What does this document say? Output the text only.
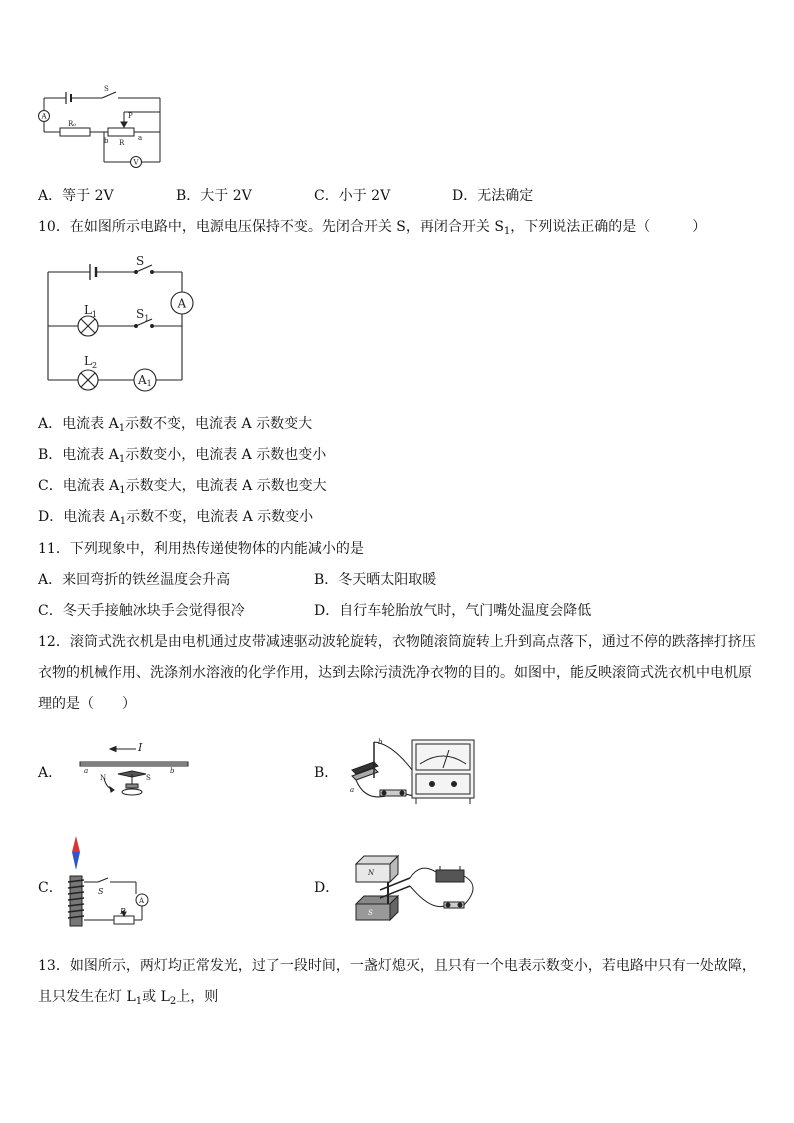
S
A
R₀
P
b R
a
V
A．等于 2V	B．大于 2V	C．小于 2V	D．无法确定
10．在如图所示电路中，电源电压保持不变。先闭合开关 S，再闭合开关 $S_1$，下列说法正确的是（　　　）
S
A
$L_1$	$S_1$
$L_2$
A1
A．电流表 $A_1$示数不变，电流表 A 示数变大
B．电流表 $A_1$示数变小，电流表 A 示数也变小
C．电流表 $A_1$示数变大，电流表 A 示数也变大
D．电流表 $A_1$示数不变，电流表 A 示数变小
11．下列现象中，利用热传递使物体的内能减小的是
A．来回弯折的铁丝温度会升高	B．冬天晒太阳取暖
C．冬天手接触冰块手会觉得很冷	D．自行车轮胎放气时，气门嘴处温度会降低
12．滚筒式洗衣机是由电机通过皮带减速驱动波轮旋转，衣物随滚筒旋转上升到高点落下，通过不停的跌落摔打挤压
衣物的机械作用、洗涤剂水溶液的化学作用，达到去除污渍洗净衣物的目的。如图中，能反映滚筒式洗衣机中电机原
理的是（　　）
A．
I
a	b
N	S	B．
b
a
C．	S
P
A
D．
N
S
13．如图所示，两灯均正常发光，过了一段时间，一盏灯熄灭，且只有一个电表示数变小，若电路中只有一处故障，
且只发生在灯 $L_1$或 $L_2$上，则
